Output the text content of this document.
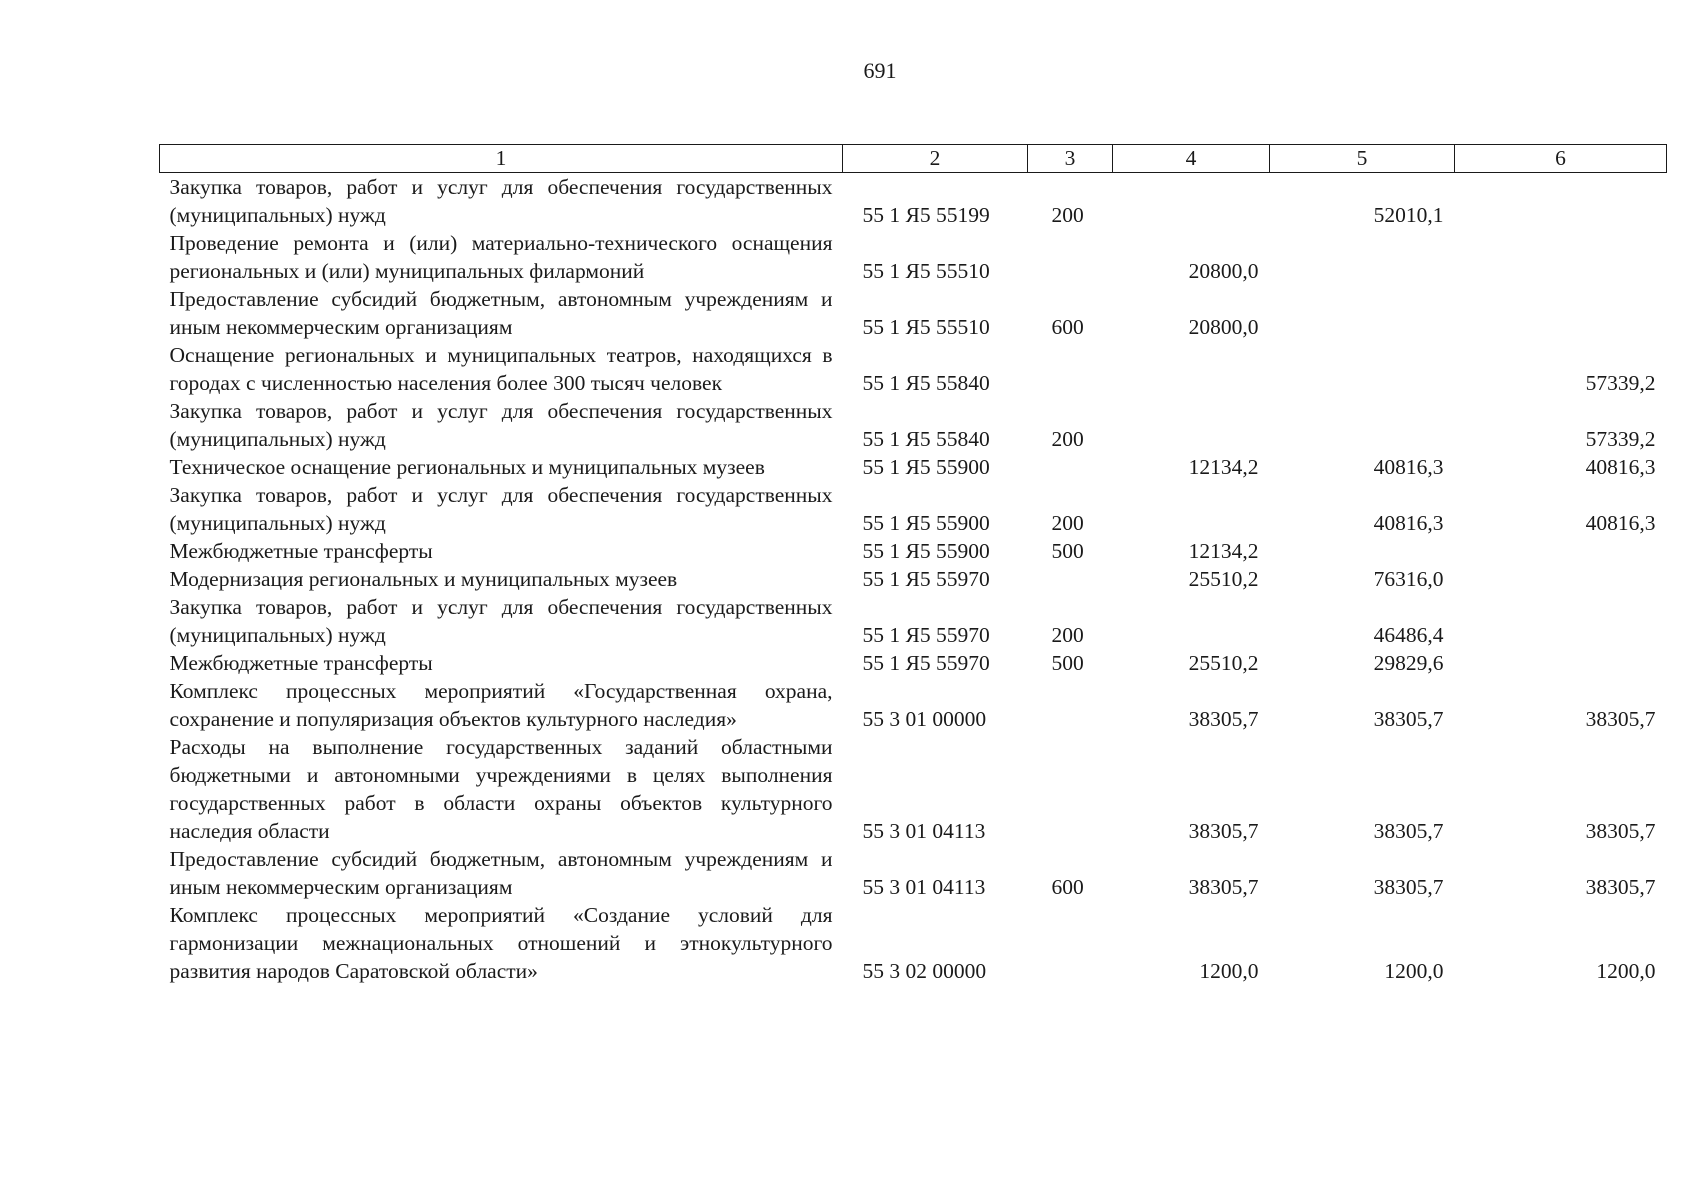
691
1	2	3	4	5	6
Закупка товаров, работ и услуг для обеспечения государственных (муниципальных) нужд	55 1 Я5 55199	200		52010,1	
Проведение ремонта и (или) материально-технического оснащения региональных и (или) муниципальных филармоний	55 1 Я5 55510		20800,0		
Предоставление субсидий бюджетным, автономным учреждениям и иным некоммерческим организациям	55 1 Я5 55510	600	20800,0		
Оснащение региональных и муниципальных театров, находящихся в городах с численностью населения более 300 тысяч человек	55 1 Я5 55840				57339,2
Закупка товаров, работ и услуг для обеспечения государственных (муниципальных) нужд	55 1 Я5 55840	200			57339,2
Техническое оснащение региональных и муниципальных музеев	55 1 Я5 55900		12134,2	40816,3	40816,3
Закупка товаров, работ и услуг для обеспечения государственных (муниципальных) нужд	55 1 Я5 55900	200		40816,3	40816,3
Межбюджетные трансферты	55 1 Я5 55900	500	12134,2		
Модернизация региональных и муниципальных музеев	55 1 Я5 55970		25510,2	76316,0	
Закупка товаров, работ и услуг для обеспечения государственных (муниципальных) нужд	55 1 Я5 55970	200		46486,4	
Межбюджетные трансферты	55 1 Я5 55970	500	25510,2	29829,6	
Комплекс процессных мероприятий «Государственная охрана, сохранение и популяризация объектов культурного наследия»	55 3 01 00000		38305,7	38305,7	38305,7
Расходы на выполнение государственных заданий областными бюджетными и автономными учреждениями в целях выполнения государственных работ в области охраны объектов культурного наследия области	55 3 01 04113		38305,7	38305,7	38305,7
Предоставление субсидий бюджетным, автономным учреждениям и иным некоммерческим организациям	55 3 01 04113	600	38305,7	38305,7	38305,7
Комплекс процессных мероприятий «Создание условий для гармонизации межнациональных отношений и этнокультурного развития народов Саратовской области»	55 3 02 00000		1200,0	1200,0	1200,0
